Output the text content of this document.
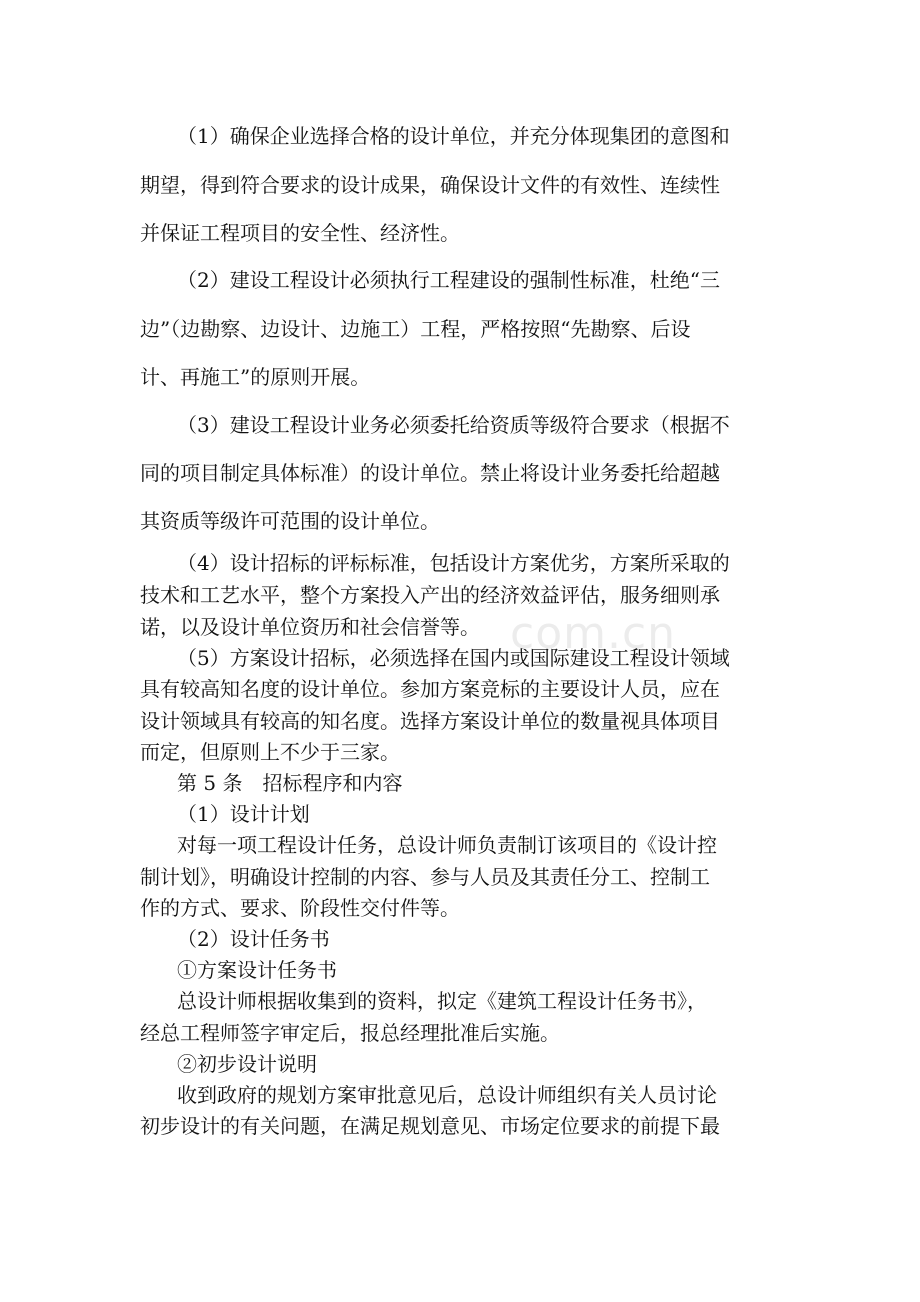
com.cn
（1）确保企业选择合格的设计单位，并充分体现集团的意图和
期望，得到符合要求的设计成果，确保设计文件的有效性、连续性
并保证工程项目的安全性、经济性。
（2）建设工程设计必须执行工程建设的强制性标准，杜绝“三
边”（边勘察、边设计、边施工）工程，严格按照“先勘察、后设
计、再施工”的原则开展。
（3）建设工程设计业务必须委托给资质等级符合要求（根据不
同的项目制定具体标准）的设计单位。禁止将设计业务委托给超越
其资质等级许可范围的设计单位。
（4）设计招标的评标标准，包括设计方案优劣，方案所采取的
技术和工艺水平，整个方案投入产出的经济效益评估，服务细则承
诺，以及设计单位资历和社会信誉等。
（5）方案设计招标，必须选择在国内或国际建设工程设计领域
具有较高知名度的设计单位。参加方案竞标的主要设计人员，应在
设计领域具有较高的知名度。选择方案设计单位的数量视具体项目
而定，但原则上不少于三家。
第 5 条　招标程序和内容
（1）设计计划
对每一项工程设计任务，总设计师负责制订该项目的《设计控
制计划》，明确设计控制的内容、参与人员及其责任分工、控制工
作的方式、要求、阶段性交付件等。
（2）设计任务书
①方案设计任务书
总设计师根据收集到的资料，拟定《建筑工程设计任务书》，
经总工程师签字审定后，报总经理批准后实施。
②初步设计说明
收到政府的规划方案审批意见后，总设计师组织有关人员讨论
初步设计的有关问题，在满足规划意见、市场定位要求的前提下最
